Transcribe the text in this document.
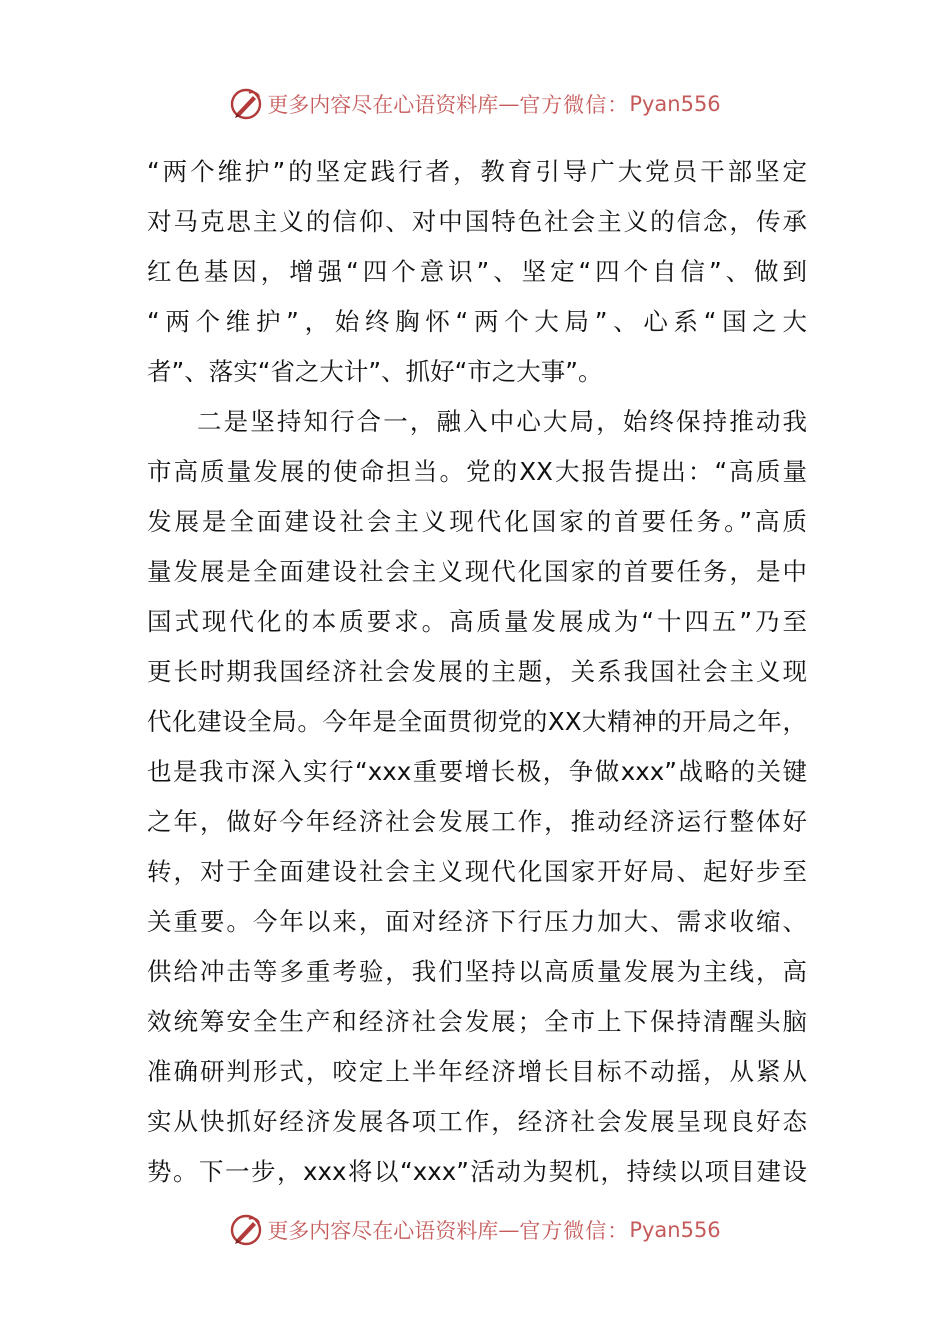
更多内容尽在心语资料库 — 官方微信： Pyan556
“两个维护”的坚定践行者，教育引导广大党员干部坚定
对马克思主义的信仰、对中国特色社会主义的信念，传承
红色基因，增强“四个意识”、坚定“四个自信”、做到
“两个维护”，始终胸怀“两个大局”、心系“国之大
者”、落实“省之大计”、抓好“市之大事”。
二是坚持知行合一，融入中心大局，始终保持推动我
市高质量发展的使命担当。党的XX大报告提出：“高质量
发展是全面建设社会主义现代化国家的首要任务。”高质
量发展是全面建设社会主义现代化国家的首要任务，是中
国式现代化的本质要求。高质量发展成为“十四五”乃至
更长时期我国经济社会发展的主题，关系我国社会主义现
代化建设全局。今年是全面贯彻党的XX大精神的开局之年，
也是我市深入实行“xxx重要增长极，争做xxx”战略的关键
之年，做好今年经济社会发展工作，推动经济运行整体好
转，对于全面建设社会主义现代化国家开好局、起好步至
关重要。今年以来，面对经济下行压力加大、需求收缩、
供给冲击等多重考验，我们坚持以高质量发展为主线，高
效统筹安全生产和经济社会发展；全市上下保持清醒头脑
准确研判形式，咬定上半年经济增长目标不动摇，从紧从
实从快抓好经济发展各项工作，经济社会发展呈现良好态
势。下一步，xxx将以“xxx”活动为契机，持续以项目建设
更多内容尽在心语资料库 — 官方微信： Pyan556
